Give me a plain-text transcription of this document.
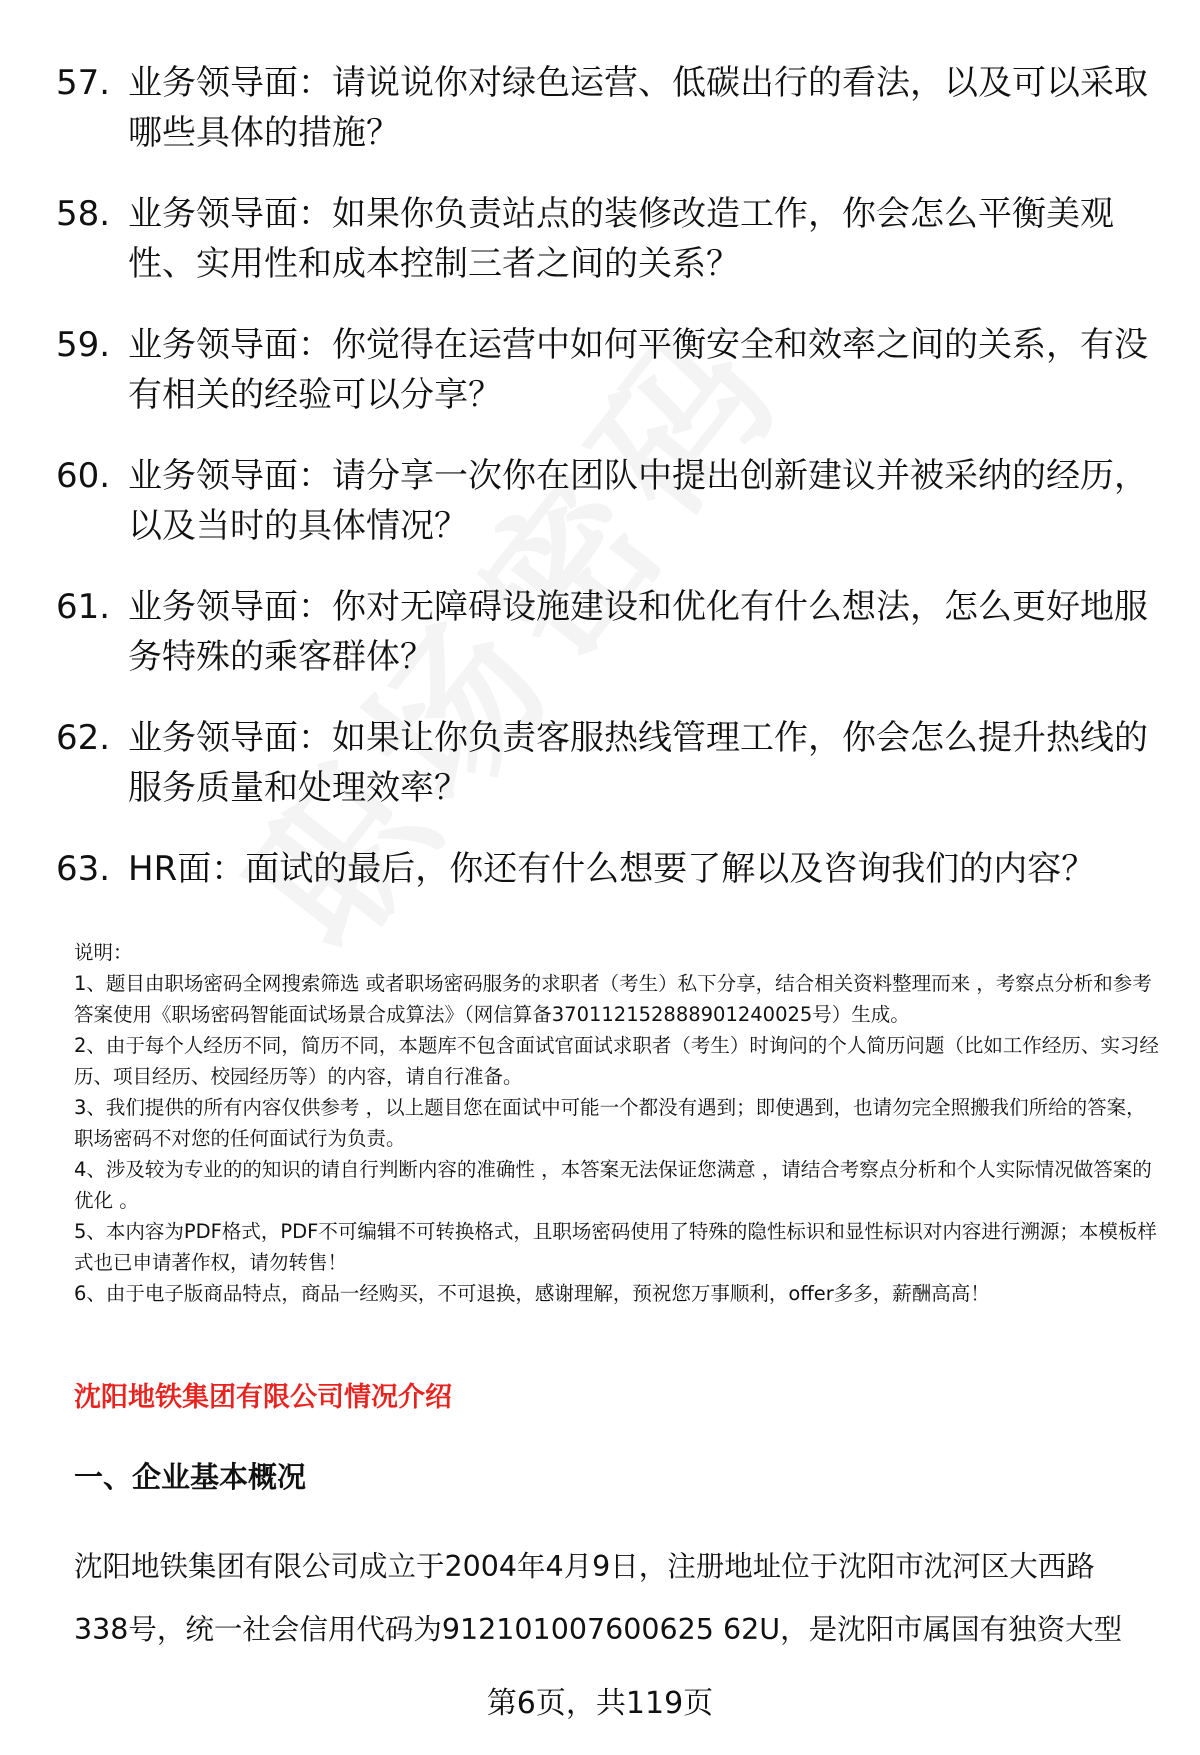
57. 业务领导面：请说说你对绿色运营、低碳出行的看法，以及可以采取哪些具体的措施？
58. 业务领导面：如果你负责站点的装修改造工作，你会怎么平衡美观性、实用性和成本控制三者之间的关系？
59. 业务领导面：你觉得在运营中如何平衡安全和效率之间的关系，有没有相关的经验可以分享？
60. 业务领导面：请分享一次你在团队中提出创新建议并被采纳的经历，以及当时的具体情况？
61. 业务领导面：你对无障碍设施建设和优化有什么想法，怎么更好地服务特殊的乘客群体？
62. 业务领导面：如果让你负责客服热线管理工作，你会怎么提升热线的服务质量和处理效率？
63. HR面：面试的最后，你还有什么想要了解以及咨询我们的内容？

说明：

1、题目由职场密码全网搜索筛选 或者职场密码服务的求职者（考生）私下分享，结合相关资料整理而来 ，考察点分析和参考答案使用《职场密码智能面试场景合成算法》（网信算备370112152888901240025号）生成。

2、由于每个人经历不同，简历不同，本题库不包含面试官面试求职者（考生）时询问的个人简历问题（比如工作经历、实习经历、项目经历、校园经历等）的内容，请自行准备。

3、我们提供的所有内容仅供参考 ，以上题目您在面试中可能一个都没有遇到；即使遇到，也请勿完全照搬我们所给的答案，职场密码不对您的任何面试行为负责。

4、涉及较为专业的的知识的请自行判断内容的准确性 ，本答案无法保证您满意 ，请结合考察点分析和个人实际情况做答案的优化 。

5、本内容为PDF格式，PDF不可编辑不可转换格式，且职场密码使用了特殊的隐性标识和显性标识对内容进行溯源；本模板样式也已申请著作权，请勿转售！

6、由于电子版商品特点，商品一经购买，不可退换，感谢理解，预祝您万事顺利，offer多多，薪酬高高！

沈阳地铁集团有限公司情况介绍
一、企业基本概况

沈阳地铁集团有限公司成立于2004年4月9日，注册地址位于沈阳市沈河区大西路338号，统一社会信用代码为912101007600625 62U，是沈阳市属国有独资大型

第6页，共119页
